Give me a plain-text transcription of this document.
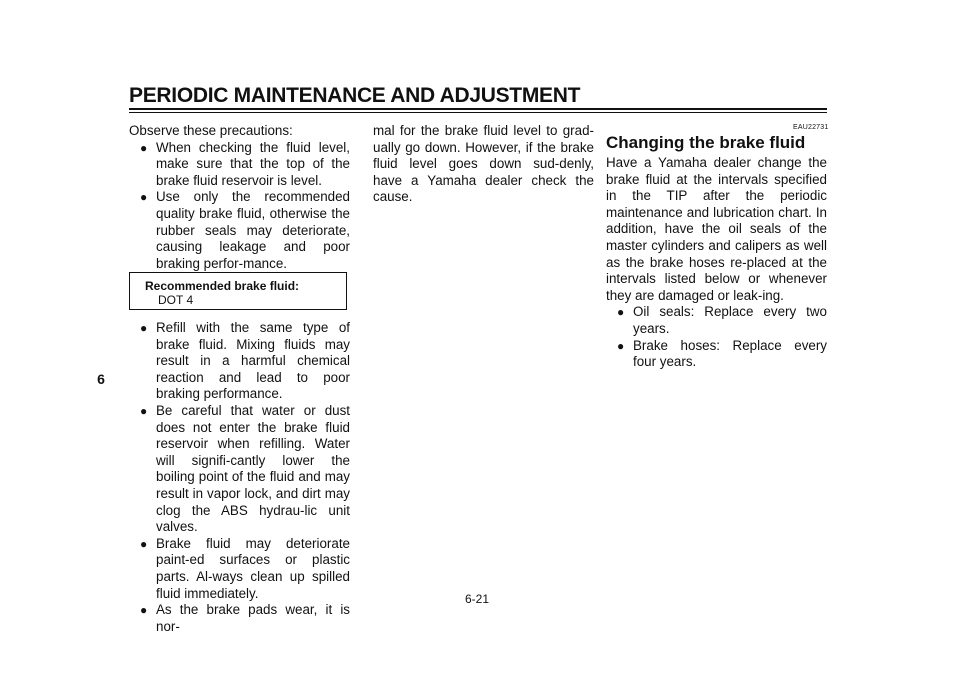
PERIODIC MAINTENANCE AND ADJUSTMENT
6

Observe these precautions:

● When checking the fluid level, make sure that the top of the brake fluid reservoir is level.
● Use only the recommended quality brake fluid, otherwise the rubber seals may deteriorate, causing leakage and poor braking perfor-mance.
Recommended brake fluid:
DOT 4
● Refill with the same type of brake fluid. Mixing fluids may result in a harmful chemical reaction and lead to poor braking performance.
● Be careful that water or dust does not enter the brake fluid reservoir when refilling. Water will signifi-cantly lower the boiling point of the fluid and may result in vapor lock, and dirt may clog the ABS hydrau-lic unit valves.
● Brake fluid may deteriorate paint-ed surfaces or plastic parts. Al-ways clean up spilled fluid immediately.
● As the brake pads wear, it is nor-

mal for the brake fluid level to grad-ually go down. However, if the brake fluid level goes down sud-denly, have a Yamaha dealer check the cause.

EAU22731
Changing the brake fluid

Have a Yamaha dealer change the brake fluid at the intervals specified in the TIP after the periodic maintenance and lubrication chart. In addition, have the oil seals of the master cylinders and calipers as well as the brake hoses re-placed at the intervals listed below or whenever they are damaged or leak-ing.

● Oil seals: Replace every two years.
● Brake hoses: Replace every four years.
6-21
